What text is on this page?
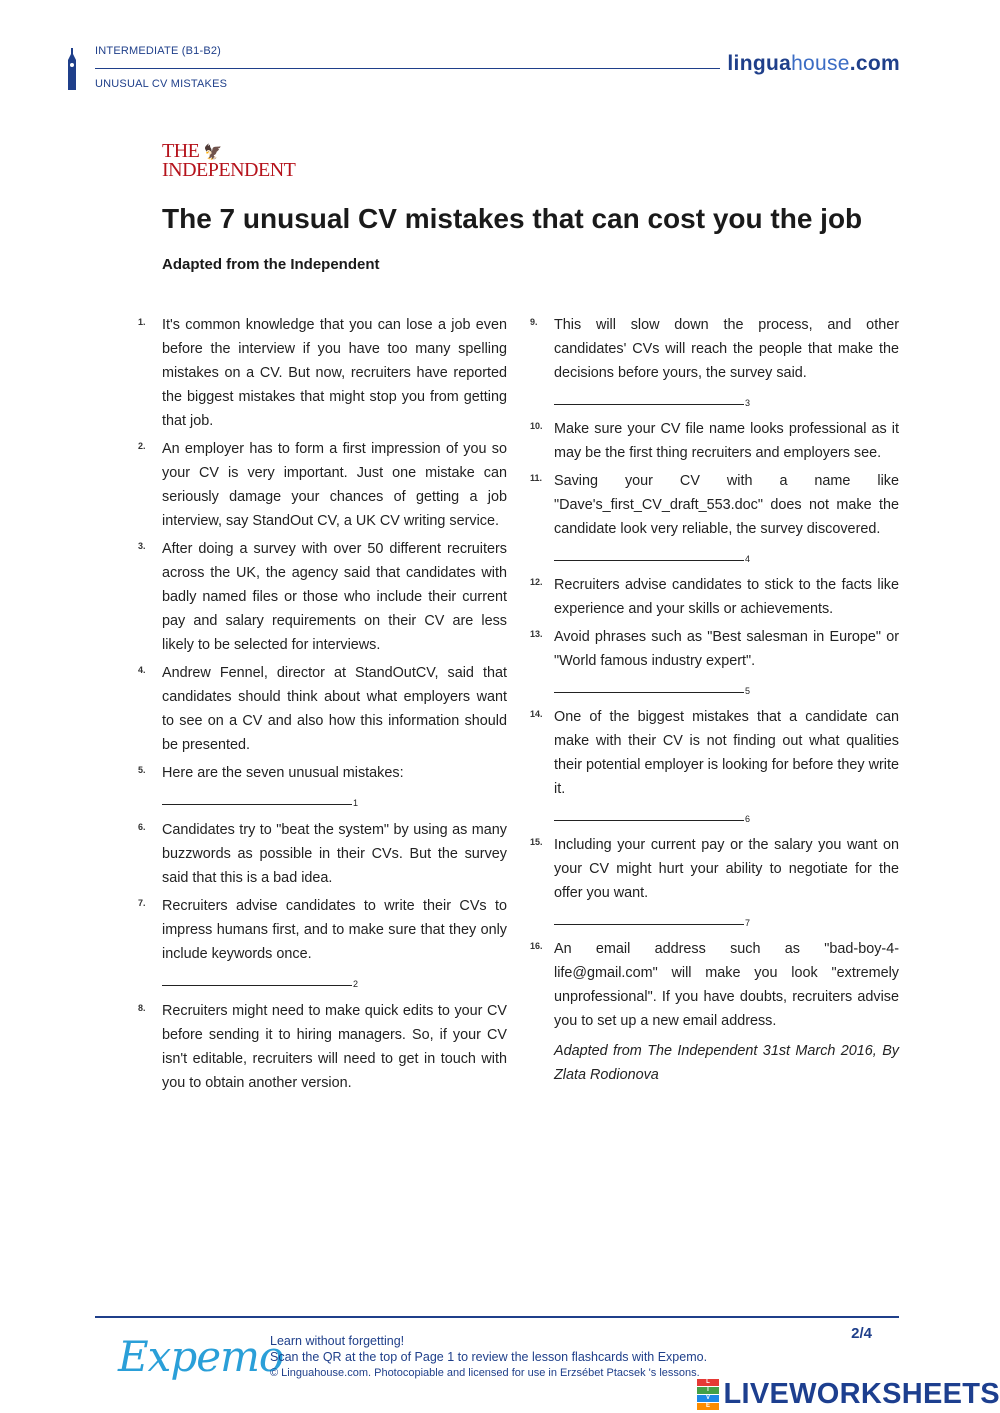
INTERMEDIATE (B1-B2)
UNUSUAL CV MISTAKES
linguahouse.com
THE 🦅
INDEPENDENT
The 7 unusual CV mistakes that can cost you the job
Adapted from the Independent

1. It's common knowledge that you can lose a job even before the interview if you have too many spelling mistakes on a CV. But now, recruiters have reported the biggest mistakes that might stop you from getting that job.

2. An employer has to form a first impression of you so your CV is very important. Just one mistake can seriously damage your chances of getting a job interview, say StandOut CV, a UK CV writing service.

3. After doing a survey with over 50 different recruiters across the UK, the agency said that candidates with badly named files or those who include their current pay and salary requirements on their CV are less likely to be selected for interviews.

4. Andrew Fennel, director at StandOutCV, said that candidates should think about what employers want to see on a CV and also how this information should be presented.

5. Here are the seven unusual mistakes:

1

6. Candidates try to "beat the system" by using as many buzzwords as possible in their CVs. But the survey said that this is a bad idea.

7. Recruiters advise candidates to write their CVs to impress humans first, and to make sure that they only include keywords once.

2

8. Recruiters might need to make quick edits to your CV before sending it to hiring managers. So, if your CV isn't editable, recruiters will need to get in touch with you to obtain another version.

9. This will slow down the process, and other candidates' CVs will reach the people that make the decisions before yours, the survey said.

3

10. Make sure your CV file name looks professional as it may be the first thing recruiters and employers see.

11. Saving your CV with a name like "Dave's_first_CV_draft_553.doc" does not make the candidate look very reliable, the survey discovered.

4

12. Recruiters advise candidates to stick to the facts like experience and your skills or achievements.

13. Avoid phrases such as "Best salesman in Europe" or "World famous industry expert".

5

14. One of the biggest mistakes that a candidate can make with their CV is not finding out what qualities their potential employer is looking for before they write it.

6

15. Including your current pay or the salary you want on your CV might hurt your ability to negotiate for the offer you want.

7

16. An email address such as "bad-boy-4-life@gmail.com" will make you look "extremely unprofessional". If you have doubts, recruiters advise you to set up a new email address.

Adapted from The Independent 31st March 2016, By Zlata Rodionova

Expemo
Learn without forgetting!
Scan the QR at the top of Page 1 to review the lesson flashcards with Expemo.
© Linguahouse.com. Photocopiable and licensed for use in Erzsébet Ptacsek 's lessons.
2/4
L
I
V
E LIVEWORKSHEETS
